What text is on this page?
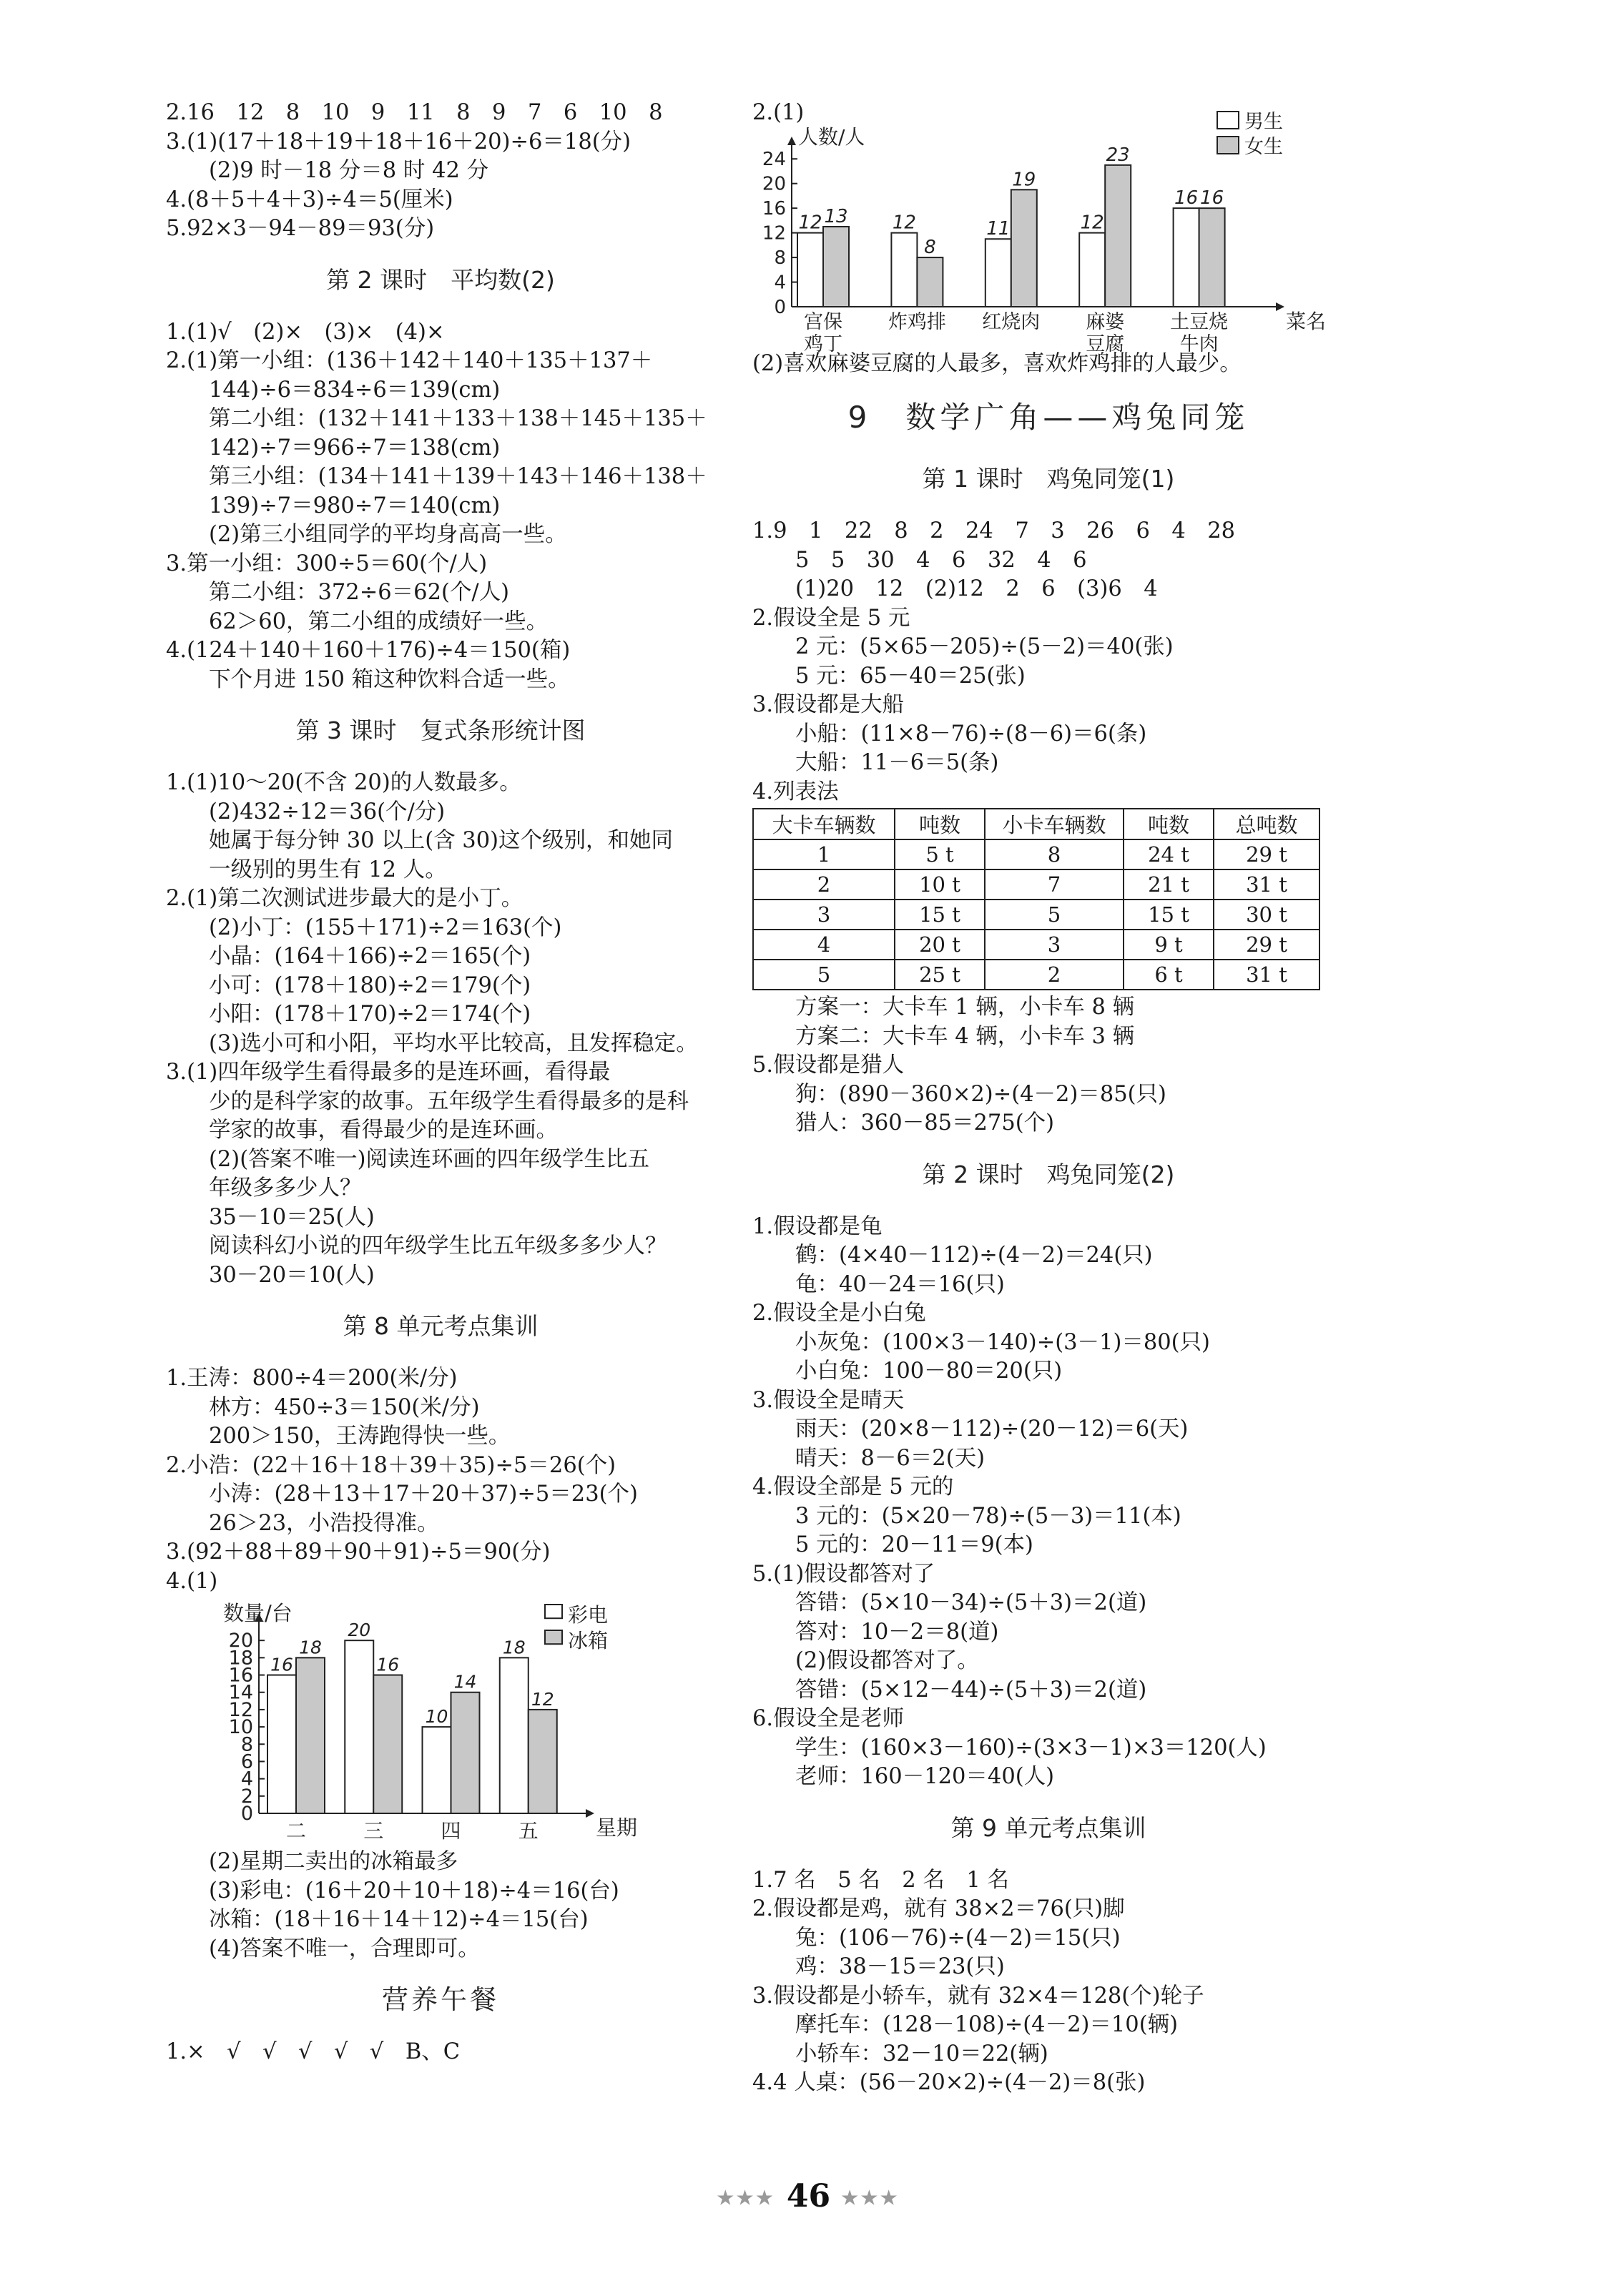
2.16　12　8　10　9　11　8　9　7　6　10　8
3.(1)(17＋18＋19＋18＋16＋20)÷6＝18(分)
(2)9 时－18 分＝8 时 42 分
4.(8＋5＋4＋3)÷4＝5(厘米)
5.92×3－94－89＝93(分)
第 2 课时　平均数(2)
1.(1)√　(2)×　(3)×　(4)×
2.(1)第一小组：(136＋142＋140＋135＋137＋
144)÷6＝834÷6＝139(cm)
第二小组：(132＋141＋133＋138＋145＋135＋
142)÷7＝966÷7＝138(cm)
第三小组：(134＋141＋139＋143＋146＋138＋
139)÷7＝980÷7＝140(cm)
(2)第三小组同学的平均身高高一些。
3.第一小组：300÷5＝60(个/人)
第二小组：372÷6＝62(个/人)
62＞60，第二小组的成绩好一些。
4.(124＋140＋160＋176)÷4＝150(箱)
下个月进 150 箱这种饮料合适一些。
第 3 课时　复式条形统计图
1.(1)10～20(不含 20)的人数最多。
(2)432÷12＝36(个/分)
她属于每分钟 30 以上(含 30)这个级别，和她同
一级别的男生有 12 人。
2.(1)第二次测试进步最大的是小丁。
(2)小丁：(155＋171)÷2＝163(个)
小晶：(164＋166)÷2＝165(个)
小可：(178＋180)÷2＝179(个)
小阳：(178＋170)÷2＝174(个)
(3)选小可和小阳，平均水平比较高，且发挥稳定。
3.(1)四年级学生看得最多的是连环画，看得最
少的是科学家的故事。五年级学生看得最多的是科
学家的故事，看得最少的是连环画。
(2)(答案不唯一)阅读连环画的四年级学生比五
年级多多少人？
35－10＝25(人)
阅读科幻小说的四年级学生比五年级多多少人？
30－20＝10(人)
第 8 单元考点集训
1.王涛：800÷4＝200(米/分)
林方：450÷3＝150(米/分)
200＞150，王涛跑得快一些。
2.小浩：(22＋16＋18＋39＋35)÷5＝26(个)
小涛：(28＋13＋17＋20＋37)÷5＝23(个)
26＞23，小浩投得准。
3.(92＋88＋89＋90＋91)÷5＝90(分)
4.(1)
0
2
4
6
8
10
12
14
16
18
20
数量/台
星期
16
18
二
20
16
三
10
14
四
18
12
五
彩电
冰箱
(2)星期二卖出的冰箱最多
(3)彩电：(16＋20＋10＋18)÷4＝16(台)
冰箱：(18＋16＋14＋12)÷4＝15(台)
(4)答案不唯一，合理即可。
营养午餐
1.×　√　√　√　√　√　B、C
2.(1)
0
4
8
12
16
20
24
人数/人
菜名
12 13
宫保
鸡丁
12
8
炸鸡排
11
19
红烧肉
12
23
麻婆
豆腐
16 16
土豆烧
牛肉
男生
女生
(2)喜欢麻婆豆腐的人最多，喜欢炸鸡排的人最少。
9　数学广角——鸡兔同笼
第 1 课时　鸡兔同笼(1)
1.9　1　22　8　2　24　7　3　26　6　4　28
5　5　30　4　6　32　4　6
(1)20　12　(2)12　2　6　(3)6　4
2.假设全是 5 元
2 元：(5×65－205)÷(5－2)＝40(张)
5 元：65－40＝25(张)
3.假设都是大船
小船：(11×8－76)÷(8－6)＝6(条)
大船：11－6＝5(条)
4.列表法
大卡车辆数	吨数	小卡车辆数	吨数	总吨数
1	5 t	8	24 t	29 t
2	10 t	7	21 t	31 t
3	15 t	5	15 t	30 t
4	20 t	3	9 t	29 t
5	25 t	2	6 t	31 t
方案一：大卡车 1 辆，小卡车 8 辆
方案二：大卡车 4 辆，小卡车 3 辆
5.假设都是猎人
狗：(890－360×2)÷(4－2)＝85(只)
猎人：360－85＝275(个)
第 2 课时　鸡兔同笼(2)
1.假设都是龟
鹤：(4×40－112)÷(4－2)＝24(只)
龟：40－24＝16(只)
2.假设全是小白兔
小灰兔：(100×3－140)÷(3－1)＝80(只)
小白兔：100－80＝20(只)
3.假设全是晴天
雨天：(20×8－112)÷(20－12)＝6(天)
晴天：8－6＝2(天)
4.假设全部是 5 元的
3 元的：(5×20－78)÷(5－3)＝11(本)
5 元的：20－11＝9(本)
5.(1)假设都答对了
答错：(5×10－34)÷(5＋3)＝2(道)
答对：10－2＝8(道)
(2)假设都答对了。
答错：(5×12－44)÷(5＋3)＝2(道)
6.假设全是老师
学生：(160×3－160)÷(3×3－1)×3＝120(人)
老师：160－120＝40(人)
第 9 单元考点集训
1.7 名　5 名　2 名　1 名
2.假设都是鸡，就有 38×2＝76(只)脚
兔：(106－76)÷(4－2)＝15(只)
鸡：38－15＝23(只)
3.假设都是小轿车，就有 32×4＝128(个)轮子
摩托车：(128－108)÷(4－2)＝10(辆)
小轿车：32－10＝22(辆)
4.4 人桌：(56－20×2)÷(4－2)＝8(张)
★★★ 46 ★★★
